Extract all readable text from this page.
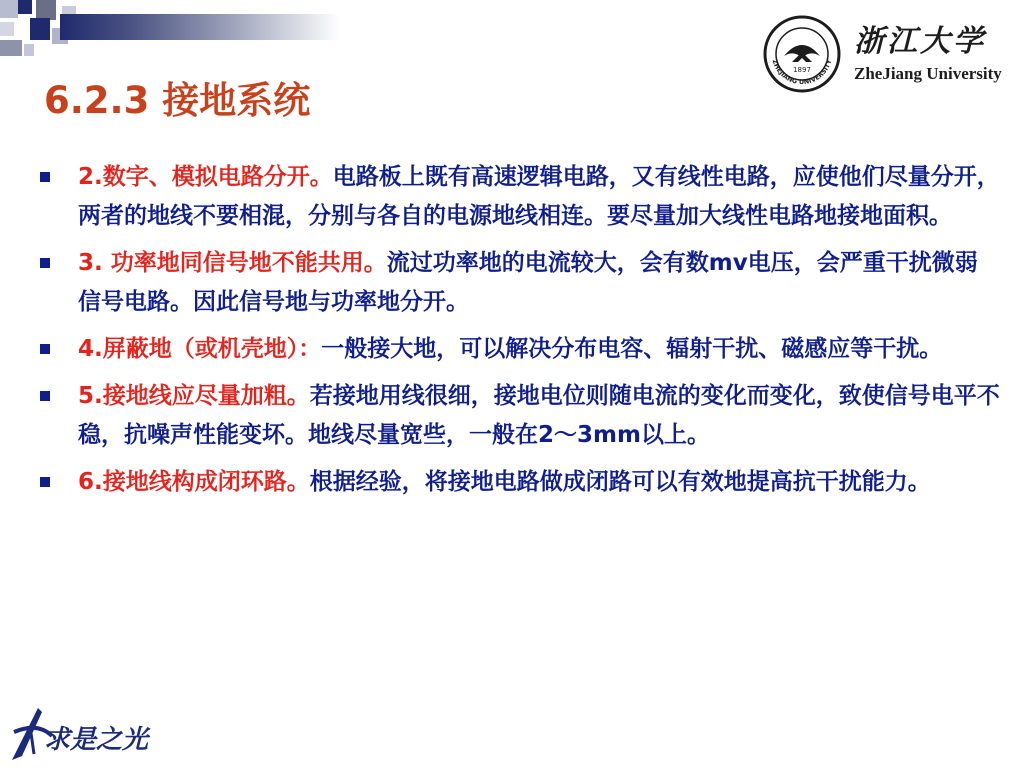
6.2.3 接地系统
1897
ZHEJIANG UNIVERSITY
浙江大学
ZheJiang University
2.数字、模拟电路分开。电路板上既有高速逻辑电路，又有线性电路，应使他们尽量分开，两者的地线不要相混，分别与各自的电源地线相连。要尽量加大线性电路地接地面积。
3. 功率地同信号地不能共用。流过功率地的电流较大，会有数mv电压，会严重干扰微弱信号电路。因此信号地与功率地分开。
4.屏蔽地（或机壳地）：一般接大地，可以解决分布电容、辐射干扰、磁感应等干扰。
5.接地线应尽量加粗。若接地用线很细，接地电位则随电流的变化而变化，致使信号电平不稳，抗噪声性能变坏。地线尽量宽些，一般在2～3mm以上。
6.接地线构成闭环路。根据经验，将接地电路做成闭路可以有效地提高抗干扰能力。
求是之光
